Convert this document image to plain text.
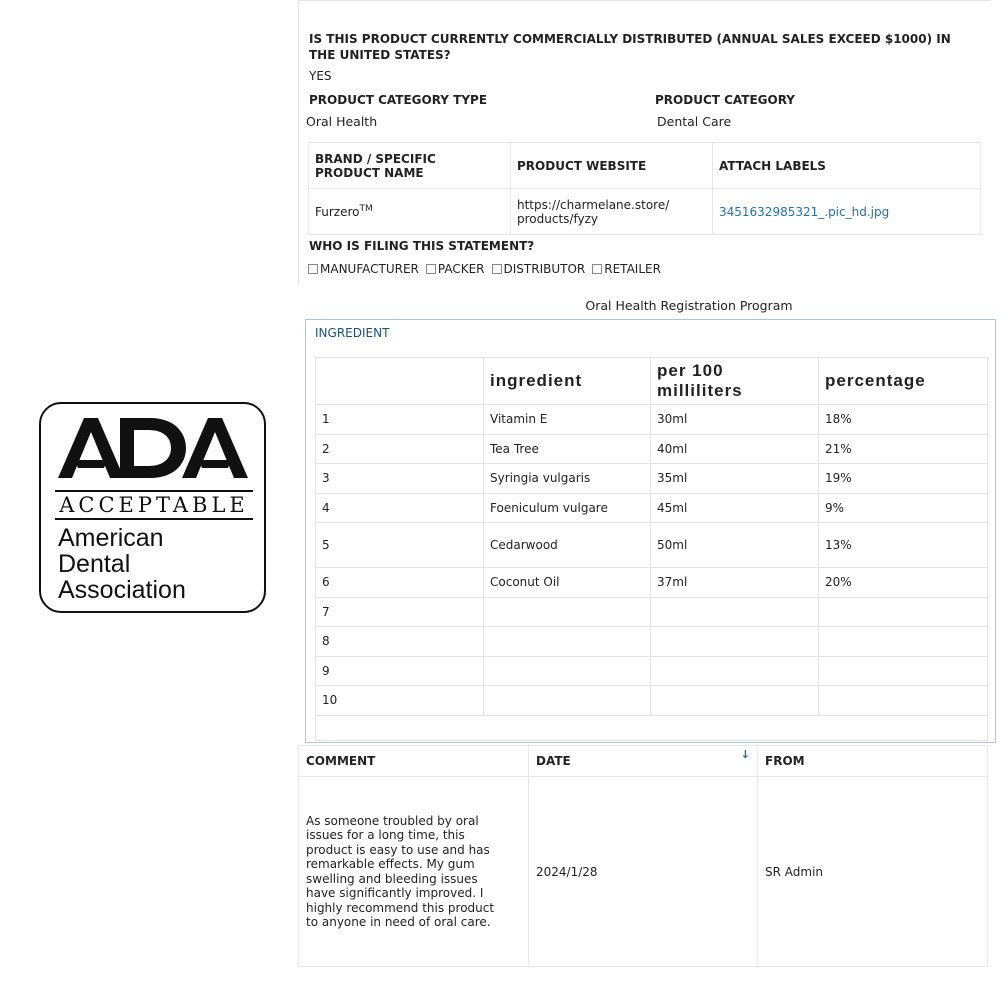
ACCEPTABLE
American
Dental
Association
IS THIS PRODUCT CURRENTLY COMMERCIALLY DISTRIBUTED (ANNUAL SALES EXCEED $1000) IN THE UNITED STATES?
YES
PRODUCT CATEGORY TYPE
Oral Health
PRODUCT CATEGORY
Dental Care
BRAND / SPECIFIC PRODUCT NAME	PRODUCT WEBSITE	ATTACH LABELS
Furzero™	https://charmelane.store/ products/fyzy	3451632985321_.pic_hd.jpg
WHO IS FILING THIS STATEMENT?
MANUFACTURER PACKER DISTRIBUTOR RETAILER
Oral Health Registration Program
INGREDIENT
	ingredient	per 100 milliliters	percentage
1	Vitamin E	30ml	18%
2	Tea Tree	40ml	21%
3	Syringia vulgaris	35ml	19%
4	Foeniculum vulgare	45ml	9%
5	Cedarwood	50ml	13%
6	Coconut Oil	37ml	20%
7			
8			
9			
10			

COMMENT	DATE ↓	FROM

As someone troubled by oral issues for a long time, this product is easy to use and has remarkable effects. My gum swelling and bleeding issues have significantly improved. I highly recommend this product to anyone in need of oral care.	2024/1/28	SR Admin
